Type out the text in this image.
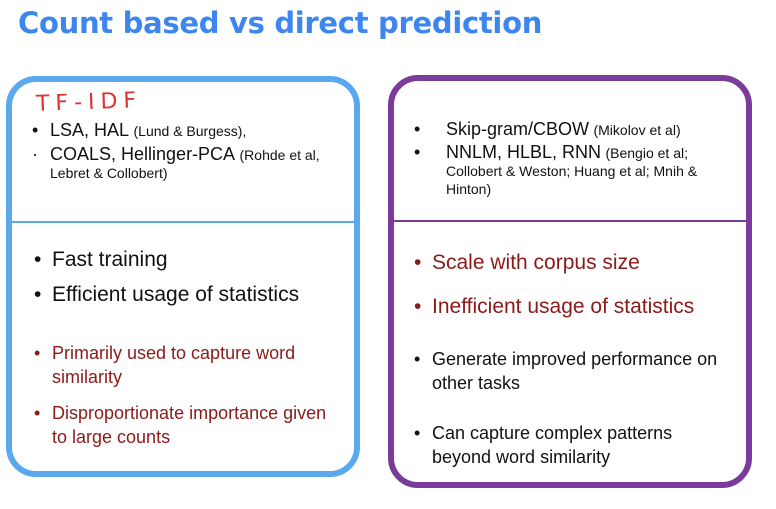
Count based vs direct prediction
TF-IDF
• LSA, HAL (Lund & Burgess),
· COALS, Hellinger-PCA (Rohde et al, Lebret & Collobert)
• Fast training
• Efficient usage of statistics
• Primarily used to capture word similarity
• Disproportionate importance given to large counts
• Skip-gram/CBOW (Mikolov et al)
• NNLM, HLBL, RNN (Bengio et al; Collobert & Weston; Huang et al; Mnih & Hinton)
• Scale with corpus size
• Inefficient usage of statistics
• Generate improved performance on other tasks
• Can capture complex patterns beyond word similarity
